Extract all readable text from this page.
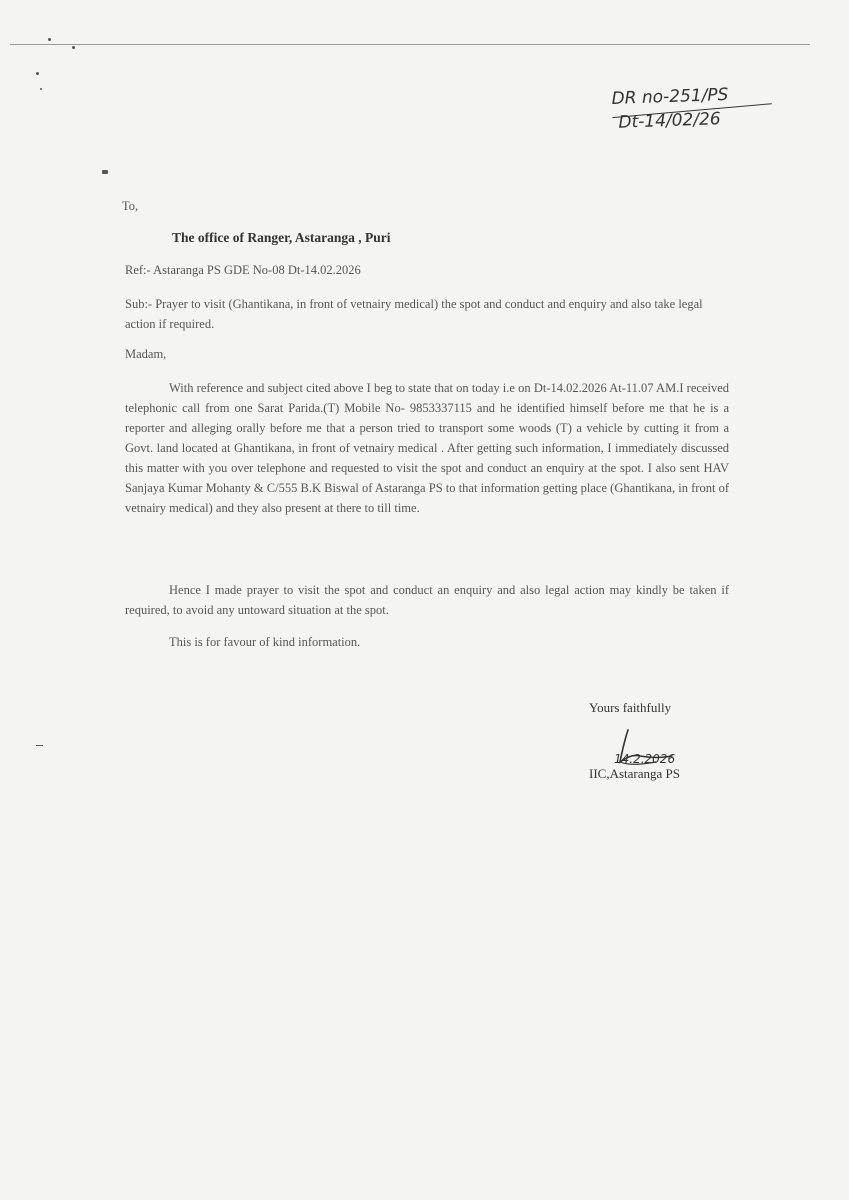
DR no-251/PS
Dt-14/02/26
To,
The office of Ranger, Astaranga , Puri
Ref:- Astaranga PS GDE No-08 Dt-14.02.2026
Sub:- Prayer to visit (Ghantikana, in front of vetnairy medical) the spot and conduct and enquiry and also take legal action if required.
Madam,
With reference and subject cited above I beg to state that on today i.e on Dt-14.02.2026 At-11.07 AM.I received telephonic call from one Sarat Parida.(T) Mobile No- 9853337115 and he identified himself before me that he is a reporter and alleging orally before me that a person tried to transport some woods (T) a vehicle by cutting it from a Govt. land located at Ghantikana, in front of vetnairy medical . After getting such information, I immediately discussed this matter with you over telephone and requested to visit the spot and conduct an enquiry at the spot. I also sent HAV Sanjaya Kumar Mohanty & C/555 B.K Biswal of Astaranga PS to that information getting place (Ghantikana, in front of vetnairy medical) and they also present at there to till time.
Hence I made prayer to visit the spot and conduct an enquiry and also legal action may kindly be taken if required, to avoid any untoward situation at the spot.
This is for favour of kind information.
Yours faithfully
14.2.2026
IIC,Astaranga PS
